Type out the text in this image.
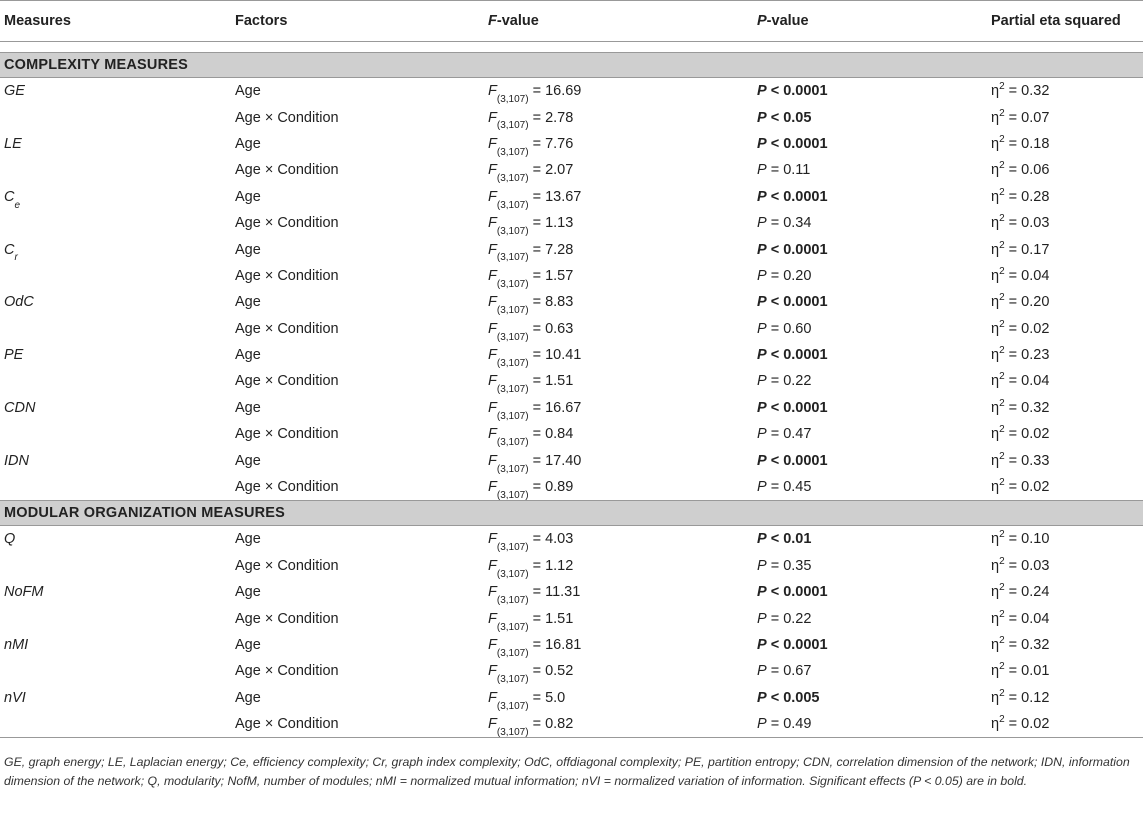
Measures	Factors	F-value	P-value	Partial eta squared

COMPLEXITY MEASURES				
GE	Age	$F_{(3,107)} = 16.69$	P < 0.0001	$\eta^2 = 0.32$
	Age × Condition	$F_{(3,107)} = 2.78$	P < 0.05	$\eta^2 = 0.07$
LE	Age	$F_{(3,107)} = 7.76$	P < 0.0001	$\eta^2 = 0.18$
	Age × Condition	$F_{(3,107)} = 2.07$	P = 0.11	$\eta^2 = 0.06$
$C_e$	Age	$F_{(3,107)} = 13.67$	P < 0.0001	$\eta^2 = 0.28$
	Age × Condition	$F_{(3,107)} = 1.13$	P = 0.34	$\eta^2 = 0.03$
$C_r$	Age	$F_{(3,107)} = 7.28$	P < 0.0001	$\eta^2 = 0.17$
	Age × Condition	$F_{(3,107)} = 1.57$	P = 0.20	$\eta^2 = 0.04$
OdC	Age	$F_{(3,107)} = 8.83$	P < 0.0001	$\eta^2 = 0.20$
	Age × Condition	$F_{(3,107)} = 0.63$	P = 0.60	$\eta^2 = 0.02$
PE	Age	$F_{(3,107)} = 10.41$	P < 0.0001	$\eta^2 = 0.23$
	Age × Condition	$F_{(3,107)} = 1.51$	P = 0.22	$\eta^2 = 0.04$
CDN	Age	$F_{(3,107)} = 16.67$	P < 0.0001	$\eta^2 = 0.32$
	Age × Condition	$F_{(3,107)} = 0.84$	P = 0.47	$\eta^2 = 0.02$
IDN	Age	$F_{(3,107)} = 17.40$	P < 0.0001	$\eta^2 = 0.33$
	Age × Condition	$F_{(3,107)} = 0.89$	P = 0.45	$\eta^2 = 0.02$
MODULAR ORGANIZATION MEASURES				
Q	Age	$F_{(3,107)} = 4.03$	P < 0.01	$\eta^2 = 0.10$
	Age × Condition	$F_{(3,107)} = 1.12$	P = 0.35	$\eta^2 = 0.03$
NoFM	Age	$F_{(3,107)} = 11.31$	P < 0.0001	$\eta^2 = 0.24$
	Age × Condition	$F_{(3,107)} = 1.51$	P = 0.22	$\eta^2 = 0.04$
nMI	Age	$F_{(3,107)} = 16.81$	P < 0.0001	$\eta^2 = 0.32$
	Age × Condition	$F_{(3,107)} = 0.52$	P = 0.67	$\eta^2 = 0.01$
nVI	Age	$F_{(3,107)} = 5.0$	P < 0.005	$\eta^2 = 0.12$
	Age × Condition	$F_{(3,107)} = 0.82$	P = 0.49	$\eta^2 = 0.02$
GE, graph energy; LE, Laplacian energy; Ce, efficiency complexity; Cr, graph index complexity; OdC, offdiagonal complexity; PE, partition entropy; CDN, correlation dimension of the network; IDN, information dimension of the network; Q, modularity; NofM, number of modules; nMI = normalized mutual information; nVI = normalized variation of information. Significant effects (P < 0.05) are in bold.
